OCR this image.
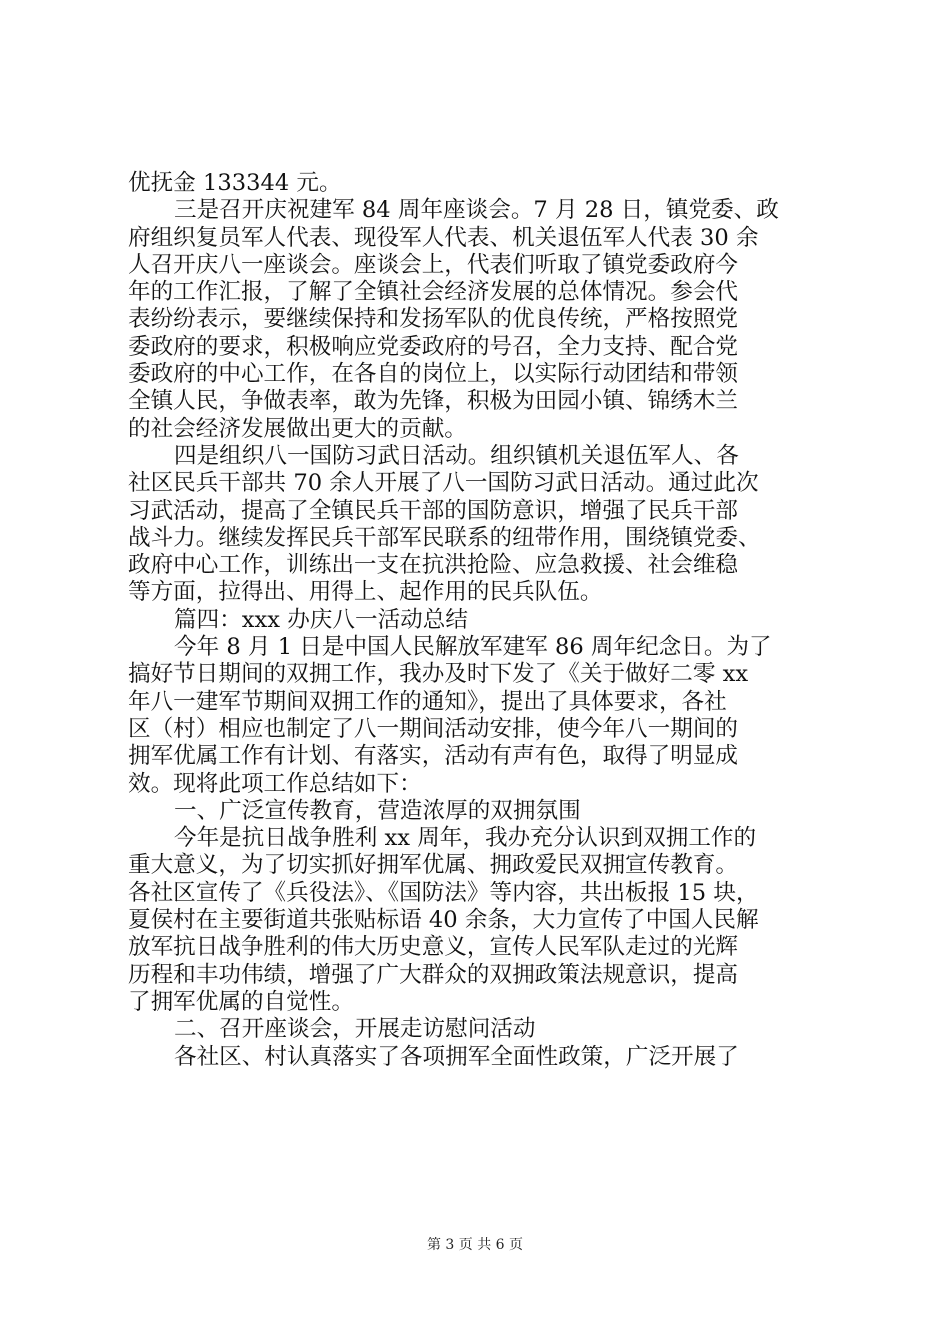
优抚金 133344 元。
三是召开庆祝建军 84 周年座谈会。7 月 28 日，镇党委、政
府组织复员军人代表、现役军人代表、机关退伍军人代表 30 余
人召开庆八一座谈会。座谈会上，代表们听取了镇党委政府今
年的工作汇报，了解了全镇社会经济发展的总体情况。参会代
表纷纷表示，要继续保持和发扬军队的优良传统，严格按照党
委政府的要求，积极响应党委政府的号召，全力支持、配合党
委政府的中心工作，在各自的岗位上，以实际行动团结和带领
全镇人民，争做表率，敢为先锋，积极为田园小镇、锦绣木兰
的社会经济发展做出更大的贡献。
四是组织八一国防习武日活动。组织镇机关退伍军人、各
社区民兵干部共 70 余人开展了八一国防习武日活动。通过此次
习武活动，提高了全镇民兵干部的国防意识，增强了民兵干部
战斗力。继续发挥民兵干部军民联系的纽带作用，围绕镇党委、
政府中心工作，训练出一支在抗洪抢险、应急救援、社会维稳
等方面，拉得出、用得上、起作用的民兵队伍。
篇四：xxx 办庆八一活动总结
今年 8 月 1 日是中国人民解放军建军 86 周年纪念日。为了
搞好节日期间的双拥工作，我办及时下发了《关于做好二零 xx
年八一建军节期间双拥工作的通知》，提出了具体要求，各社
区（村）相应也制定了八一期间活动安排，使今年八一期间的
拥军优属工作有计划、有落实，活动有声有色，取得了明显成
效。现将此项工作总结如下：
一、广泛宣传教育，营造浓厚的双拥氛围
今年是抗日战争胜利 xx 周年，我办充分认识到双拥工作的
重大意义，为了切实抓好拥军优属、拥政爱民双拥宣传教育。
各社区宣传了《兵役法》、《国防法》等内容，共出板报 15 块，
夏侯村在主要街道共张贴标语 40 余条，大力宣传了中国人民解
放军抗日战争胜利的伟大历史意义，宣传人民军队走过的光辉
历程和丰功伟绩，增强了广大群众的双拥政策法规意识，提高
了拥军优属的自觉性。
二、召开座谈会，开展走访慰问活动
各社区、村认真落实了各项拥军全面性政策，广泛开展了
第 3 页 共 6 页
